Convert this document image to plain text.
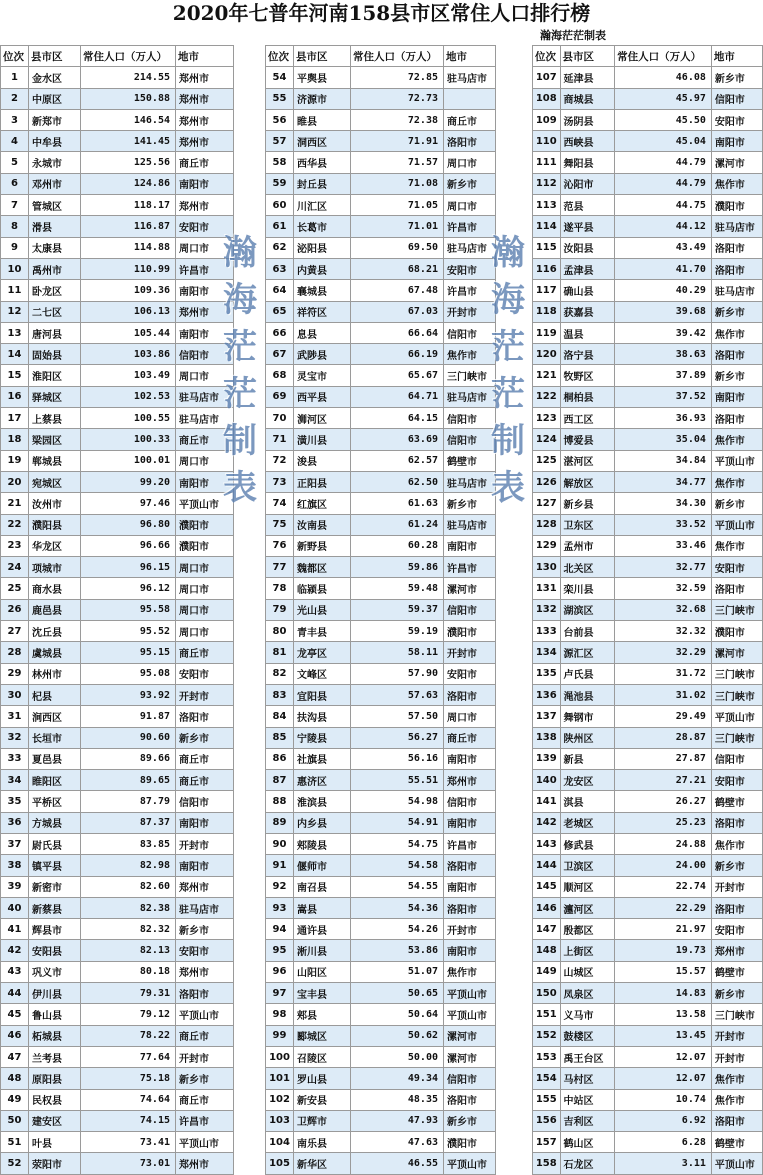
2020年七普年河南158县市区常住人口排行榜
瀚海茫茫制表
位次	县市区	常住人口（万人）	地市
1	金水区	214.55	郑州市
2	中原区	150.88	郑州市
3	新郑市	146.54	郑州市
4	中牟县	141.45	郑州市
5	永城市	125.56	商丘市
6	邓州市	124.86	南阳市
7	管城区	118.17	郑州市
8	滑县	116.87	安阳市
9	太康县	114.88	周口市
10	禹州市	110.99	许昌市
11	卧龙区	109.36	南阳市
12	二七区	106.13	郑州市
13	唐河县	105.44	南阳市
14	固始县	103.86	信阳市
15	淮阳区	103.49	周口市
16	驿城区	102.53	驻马店市
17	上蔡县	100.55	驻马店市
18	梁园区	100.33	商丘市
19	郸城县	100.01	周口市
20	宛城区	99.20	南阳市
21	汝州市	97.46	平顶山市
22	濮阳县	96.80	濮阳市
23	华龙区	96.66	濮阳市
24	项城市	96.15	周口市
25	商水县	96.12	周口市
26	鹿邑县	95.58	周口市
27	沈丘县	95.52	周口市
28	虞城县	95.15	商丘市
29	林州市	95.08	安阳市
30	杞县	93.92	开封市
31	涧西区	91.87	洛阳市
32	长垣市	90.60	新乡市
33	夏邑县	89.66	商丘市
34	睢阳区	89.65	商丘市
35	平桥区	87.79	信阳市
36	方城县	87.37	南阳市
37	尉氏县	83.85	开封市
38	镇平县	82.98	南阳市
39	新密市	82.60	郑州市
40	新蔡县	82.38	驻马店市
41	辉县市	82.32	新乡市
42	安阳县	82.13	安阳市
43	巩义市	80.18	郑州市
44	伊川县	79.31	洛阳市
45	鲁山县	79.12	平顶山市
46	柘城县	78.22	商丘市
47	兰考县	77.64	开封市
48	原阳县	75.18	新乡市
49	民权县	74.64	商丘市
50	建安区	74.15	许昌市
51	叶县	73.41	平顶山市
52	荥阳市	73.01	郑州市
位次	县市区	常住人口（万人）	地市
54	平舆县	72.85	驻马店市
55	济源市	72.73	
56	睢县	72.38	商丘市
57	洞西区	71.91	洛阳市
58	西华县	71.57	周口市
59	封丘县	71.08	新乡市
60	川汇区	71.05	周口市
61	长葛市	71.01	许昌市
62	泌阳县	69.50	驻马店市
63	内黄县	68.21	安阳市
64	襄城县	67.48	许昌市
65	祥符区	67.03	开封市
66	息县	66.64	信阳市
67	武陟县	66.19	焦作市
68	灵宝市	65.67	三门峡市
69	西平县	64.71	驻马店市
70	浉河区	64.15	信阳市
71	潢川县	63.69	信阳市
72	浚县	62.57	鹤壁市
73	正阳县	62.50	驻马店市
74	红旗区	61.63	新乡市
75	汝南县	61.24	驻马店市
76	新野县	60.28	南阳市
77	魏都区	59.86	许昌市
78	临颍县	59.48	漯河市
79	光山县	59.37	信阳市
80	青丰县	59.19	濮阳市
81	龙亭区	58.11	开封市
82	文峰区	57.90	安阳市
83	宜阳县	57.63	洛阳市
84	扶沟县	57.50	周口市
85	宁陵县	56.27	商丘市
86	社旗县	56.16	南阳市
87	惠济区	55.51	郑州市
88	淮滨县	54.98	信阳市
89	内乡县	54.91	南阳市
90	郏陵县	54.75	许昌市
91	偃师市	54.58	洛阳市
92	南召县	54.55	南阳市
93	嵩县	54.36	洛阳市
94	通许县	54.26	开封市
95	淅川县	53.86	南阳市
96	山阳区	51.07	焦作市
97	宝丰县	50.65	平顶山市
98	郏县	50.64	平顶山市
99	郾城区	50.62	漯河市
100	召陵区	50.00	漯河市
101	罗山县	49.34	信阳市
102	新安县	48.35	洛阳市
103	卫辉市	47.93	新乡市
104	南乐县	47.63	濮阳市
105	新华区	46.55	平顶山市
位次	县市区	常住人口（万人）	地市
107	延津县	46.08	新乡市
108	商城县	45.97	信阳市
109	汤阴县	45.50	安阳市
110	西峡县	45.04	南阳市
111	舞阳县	44.79	漯河市
112	沁阳市	44.79	焦作市
113	范县	44.75	濮阳市
114	遂平县	44.12	驻马店市
115	汝阳县	43.49	洛阳市
116	孟津县	41.70	洛阳市
117	确山县	40.29	驻马店市
118	获嘉县	39.68	新乡市
119	温县	39.42	焦作市
120	洛宁县	38.63	洛阳市
121	牧野区	37.89	新乡市
122	桐柏县	37.52	南阳市
123	西工区	36.93	洛阳市
124	博爱县	35.04	焦作市
125	湛河区	34.84	平顶山市
126	解放区	34.77	焦作市
127	新乡县	34.30	新乡市
128	卫东区	33.52	平顶山市
129	孟州市	33.46	焦作市
130	北关区	32.77	安阳市
131	栾川县	32.59	洛阳市
132	湖滨区	32.68	三门峡市
133	台前县	32.32	濮阳市
134	源汇区	32.29	漯河市
135	卢氏县	31.72	三门峡市
136	渑池县	31.02	三门峡市
137	舞钢市	29.49	平顶山市
138	陕州区	28.87	三门峡市
139	新县	27.87	信阳市
140	龙安区	27.21	安阳市
141	淇县	26.27	鹤壁市
142	老城区	25.23	洛阳市
143	修武县	24.88	焦作市
144	卫滨区	24.00	新乡市
145	顺河区	22.74	开封市
146	瀍河区	22.29	洛阳市
147	殷都区	21.97	安阳市
148	上街区	19.73	郑州市
149	山城区	15.57	鹤壁市
150	凤泉区	14.83	新乡市
151	义马市	13.58	三门峡市
152	鼓楼区	13.45	开封市
153	禹王台区	12.07	开封市
154	马村区	12.07	焦作市
155	中站区	10.74	焦作市
156	吉利区	6.92	洛阳市
157	鹤山区	6.28	鹤壁市
158	石龙区	3.11	平顶山市
瀚
海
茫
茫
制
表
瀚
海
茫
茫
制
表
